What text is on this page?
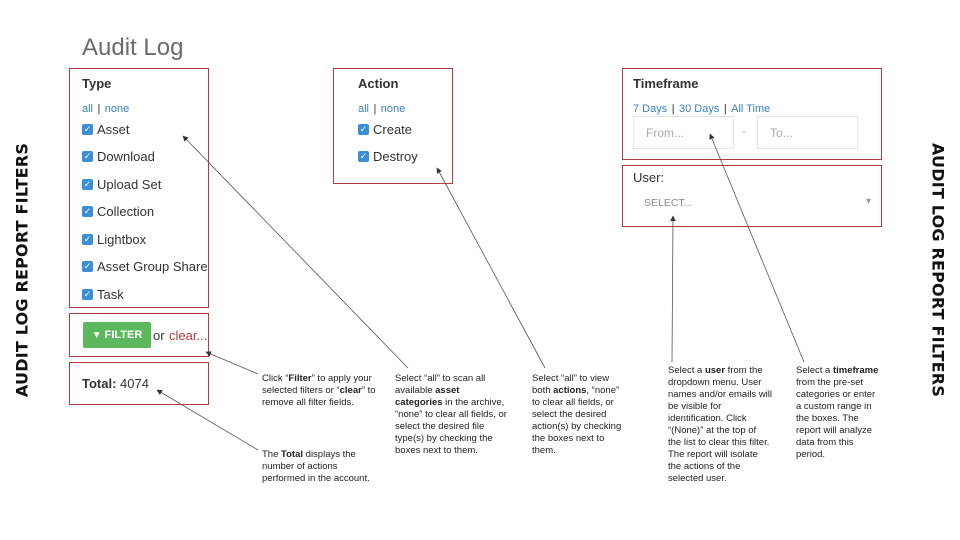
AUDIT LOG REPORT FILTERS	AUDIT LOG REPORT FILTERS
Audit Log
Type
all | none
✓ Asset
✓ Download
✓ Upload Set
✓ Collection
✓ Lightbox
✓ Asset Group Share
✓ Task
▼ FILTER or clear...
Total: 4074
Action
all | none
✓ Create
✓ Destroy
Timeframe
7 Days | 30 Days | All Time
From...	- To...
User:
SELECT...	▾
Click “Filter” to apply your selected filters or “clear” to remove all filter fields.
The Total displays the number of actions performed in the account.
Select “all” to scan all available asset categories in the archive, “none” to clear all fields, or select the desired file type(s) by checking the boxes next to them.
Select “all” to view both actions, “none” to clear all fields, or select the desired action(s) by checking the boxes next to them.
Select a user from the dropdown menu. User names and/or emails will be visible for identification. Click “(None)” at the top of the list to clear this filter. The report will isolate the actions of the selected user.
Select a timeframe from the pre-set categories or enter a custom range in the boxes. The report will analyze data from this period.
